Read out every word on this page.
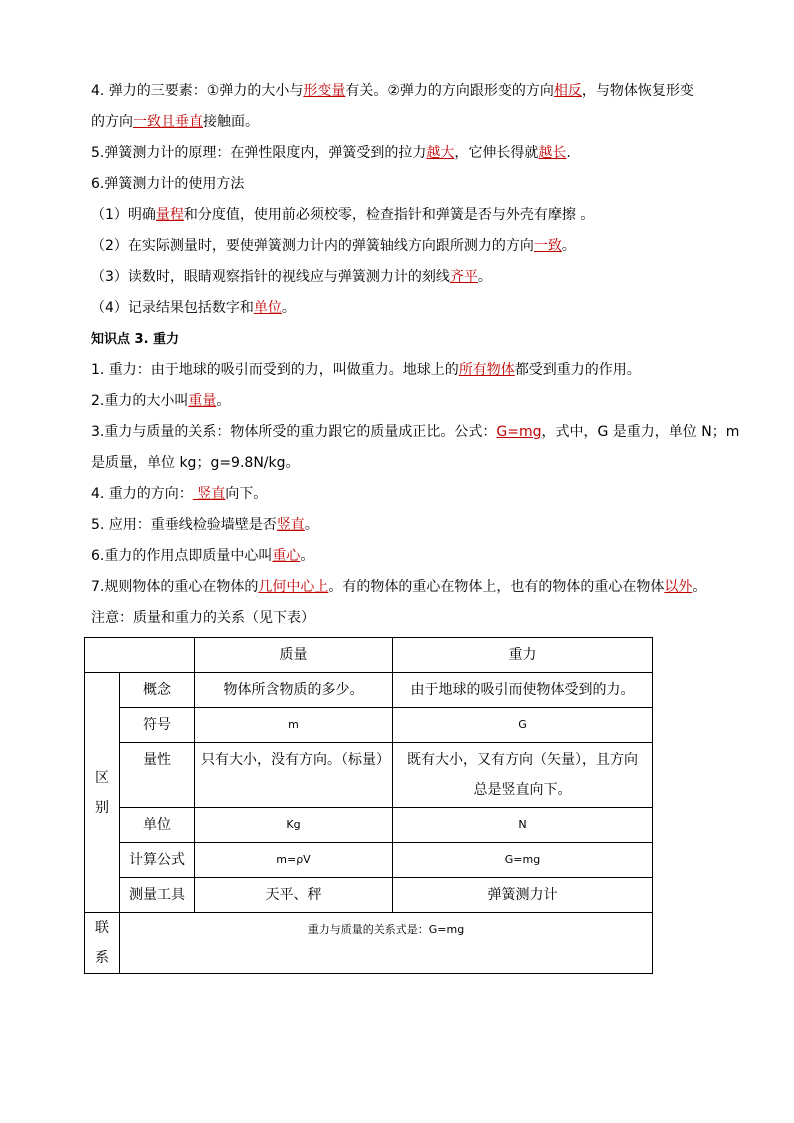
4. 弹力的三要素：①弹力的大小与形变量有关。②弹力的方向跟形变的方向相反，与物体恢复形变
的方向一致且垂直接触面。
5.弹簧测力计的原理：在弹性限度内，弹簧受到的拉力越大，它伸长得就越长.
6.弹簧测力计的使用方法
（1）明确量程和分度值，使用前必须校零，检查指针和弹簧是否与外壳有摩擦 。
（2）在实际测量时，要使弹簧测力计内的弹簧轴线方向跟所测力的方向一致。
（3）读数时，眼睛观察指针的视线应与弹簧测力计的刻线齐平。
（4）记录结果包括数字和单位。
知识点 3. 重力
1. 重力：由于地球的吸引而受到的力，叫做重力。地球上的所有物体都受到重力的作用。
2.重力的大小叫重量。
3.重力与质量的关系：物体所受的重力跟它的质量成正比。公式：G=mg，式中，G 是重力，单位 N；m
是质量，单位 kg；g=9.8N/kg。
4. 重力的方向： 竖直向下。
5. 应用：重垂线检验墙壁是否竖直。
6.重力的作用点即质量中心叫重心。
7.规则物体的重心在物体的几何中心上。有的物体的重心在物体上，也有的物体的重心在物体以外。
注意：质量和重力的关系（见下表）
		质量	重力

区
别	概念	物体所含物质的多少。	由于地球的吸引而使物体受到的力。
	符号	m	G
	量性	只有大小，没有方向。（标量）	既有大小，又有方向（矢量），且方向
总是竖直向下。

	单位	Kg	N
	计算公式	m=ρV	G=mg
	测量工具	天平、秤	弹簧测力计

联
系	重力与质量的关系式是：G=mg		
